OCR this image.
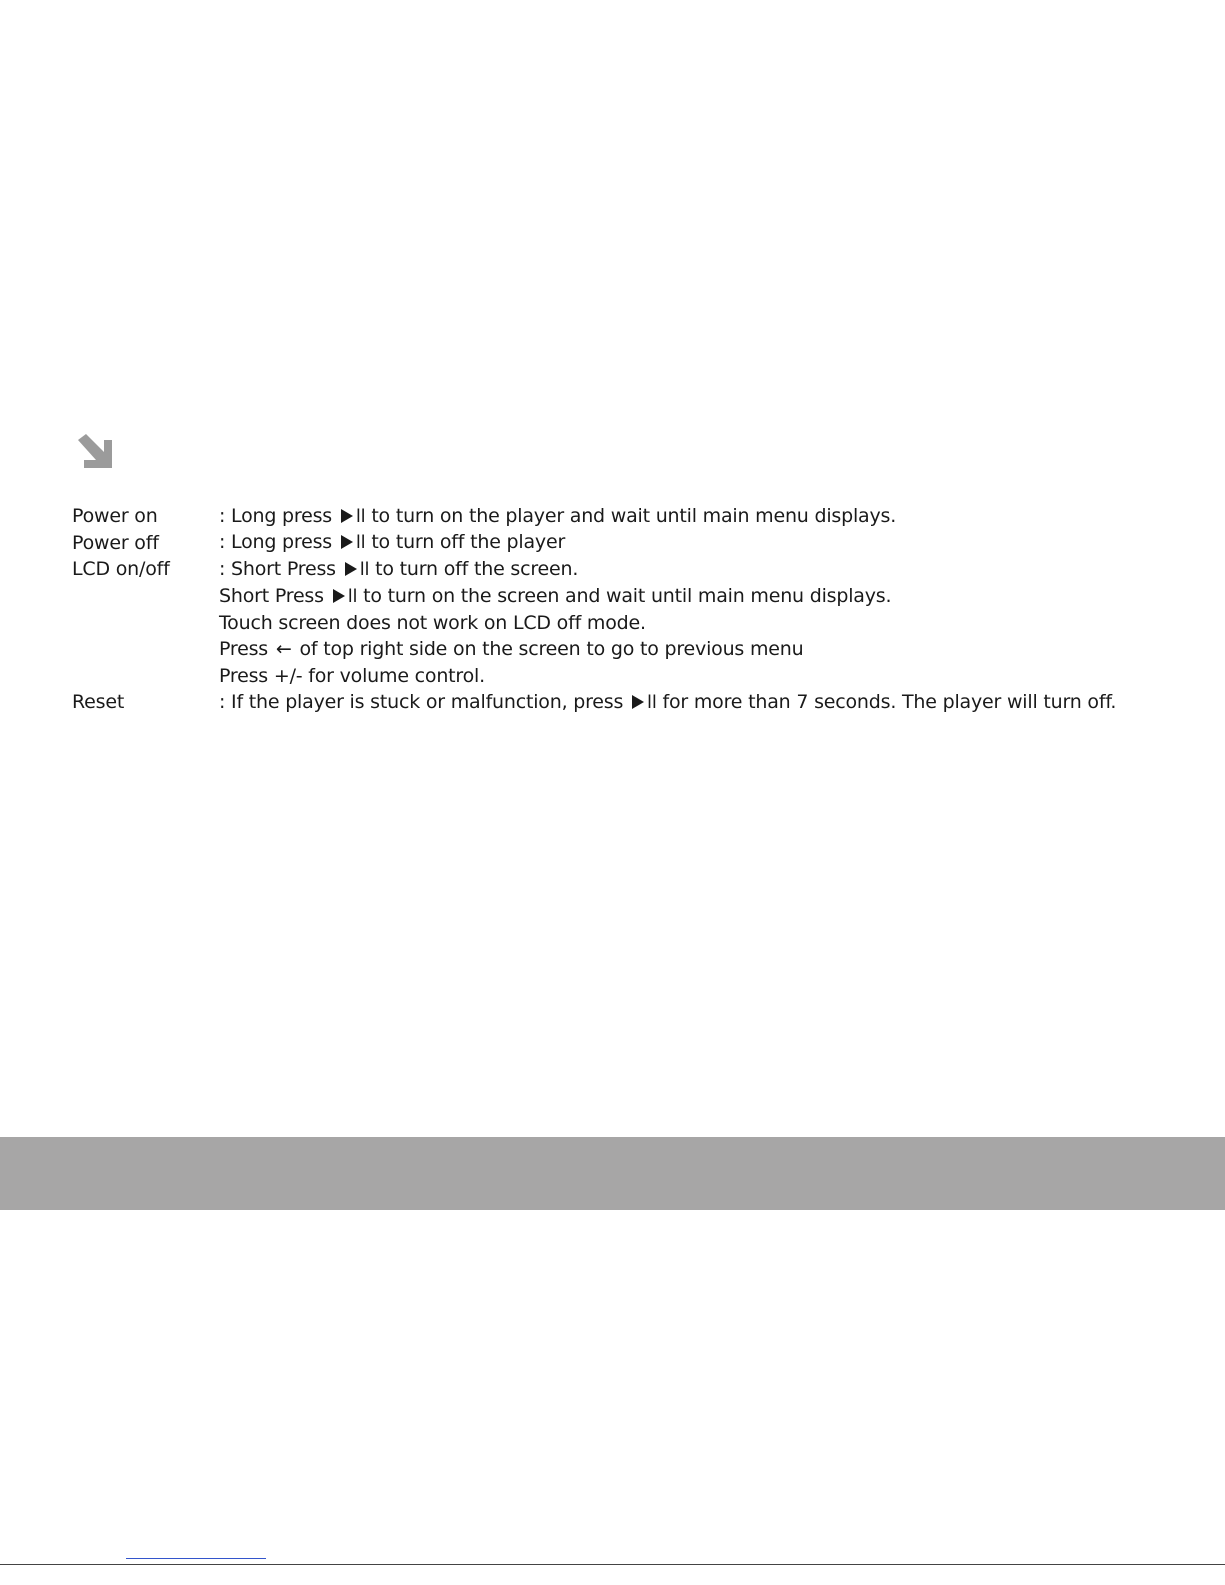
Power on	: Long press ll to turn on the player and wait until main menu displays.
Power off	: Long press ll to turn off the player
LCD on/off	: Short Press ll to turn off the screen.
Short Press ll to turn on the screen and wait until main menu displays.
Touch screen does not work on LCD off mode.
Press ← of top right side on the screen to go to previous menu
Press +/- for volume control.
Reset	: If the player is stuck or malfunction, press ll for more than 7 seconds. The player will turn off.
